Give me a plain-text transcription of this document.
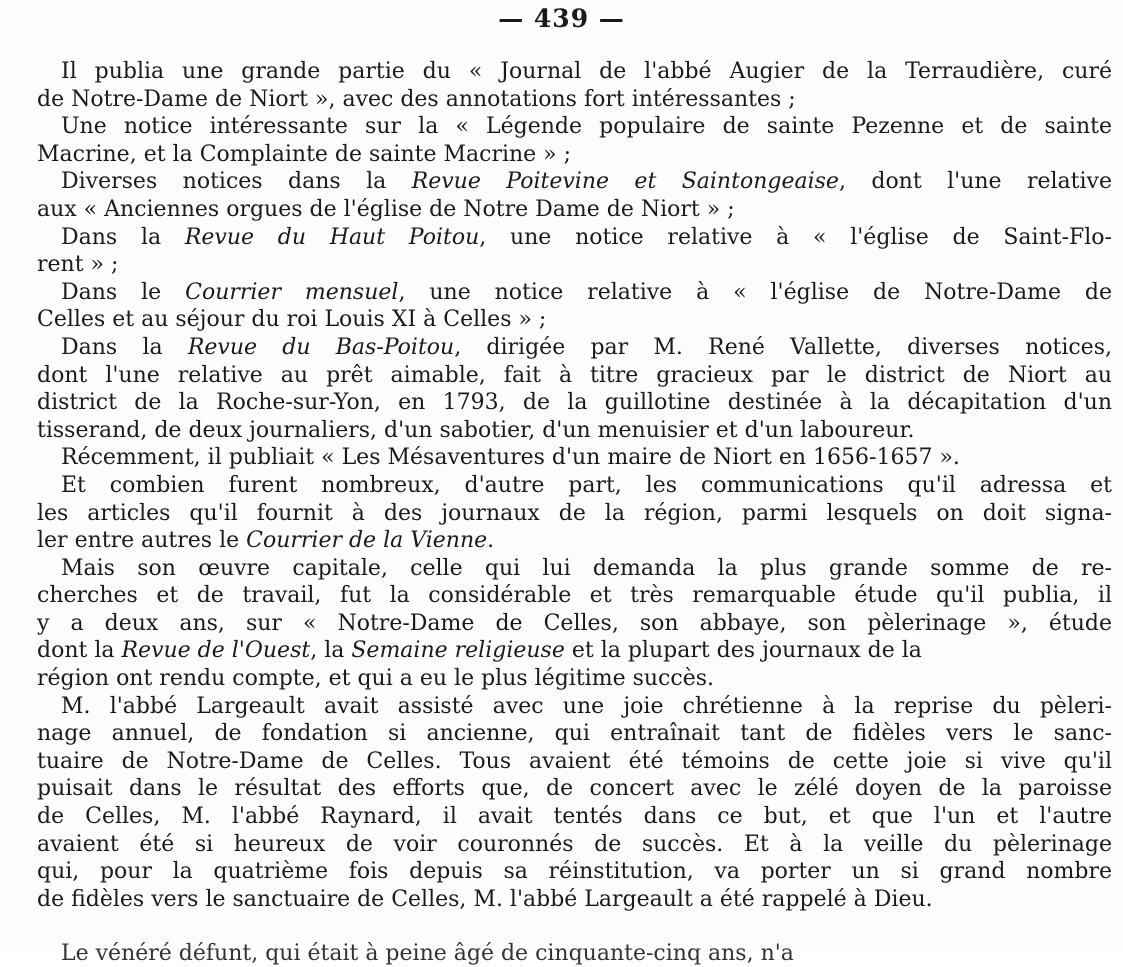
— 439 —
Il publia une grande partie du « Journal de l'abbé Augier de la Terraudière, curé
de Notre-Dame de Niort », avec des annotations fort intéressantes ;
Une notice intéressante sur la « Légende populaire de sainte Pezenne et de sainte
Macrine, et la Complainte de sainte Macrine » ;
Diverses notices dans la Revue Poitevine et Saintongeaise, dont l'une relative
aux « Anciennes orgues de l'église de Notre Dame de Niort » ;
Dans la Revue du Haut Poitou, une notice relative à « l'église de Saint-Flo-
rent » ;
Dans le Courrier mensuel, une notice relative à « l'église de Notre-Dame de
Celles et au séjour du roi Louis XI à Celles » ;
Dans la Revue du Bas-Poitou, dirigée par M. René Vallette, diverses notices,
dont l'une relative au prêt aimable, fait à titre gracieux par le district de Niort au
district de la Roche-sur-Yon, en 1793, de la guillotine destinée à la décapitation d'un
tisserand, de deux journaliers, d'un sabotier, d'un menuisier et d'un laboureur.
Récemment, il publiait « Les Mésaventures d'un maire de Niort en 1656-1657 ».
Et combien furent nombreux, d'autre part, les communications qu'il adressa et
les articles qu'il fournit à des journaux de la région, parmi lesquels on doit signa-
ler entre autres le Courrier de la Vienne.
Mais son œuvre capitale, celle qui lui demanda la plus grande somme de re-
cherches et de travail, fut la considérable et très remarquable étude qu'il publia, il
y a deux ans, sur « Notre-Dame de Celles, son abbaye, son pèlerinage », étude
dont la Revue de l'Ouest, la Semaine religieuse et la plupart des journaux de la
région ont rendu compte, et qui a eu le plus légitime succès.
M. l'abbé Largeault avait assisté avec une joie chrétienne à la reprise du pèleri-
nage annuel, de fondation si ancienne, qui entraînait tant de fidèles vers le sanc-
tuaire de Notre-Dame de Celles. Tous avaient été témoins de cette joie si vive qu'il
puisait dans le résultat des efforts que, de concert avec le zélé doyen de la paroisse
de Celles, M. l'abbé Raynard, il avait tentés dans ce but, et que l'un et l'autre
avaient été si heureux de voir couronnés de succès. Et à la veille du pèlerinage
qui, pour la quatrième fois depuis sa réinstitution, va porter un si grand nombre
de fidèles vers le sanctuaire de Celles, M. l'abbé Largeault a été rappelé à Dieu.
Le vénéré défunt, qui était à peine âgé de cinquante-cinq ans, n'a
